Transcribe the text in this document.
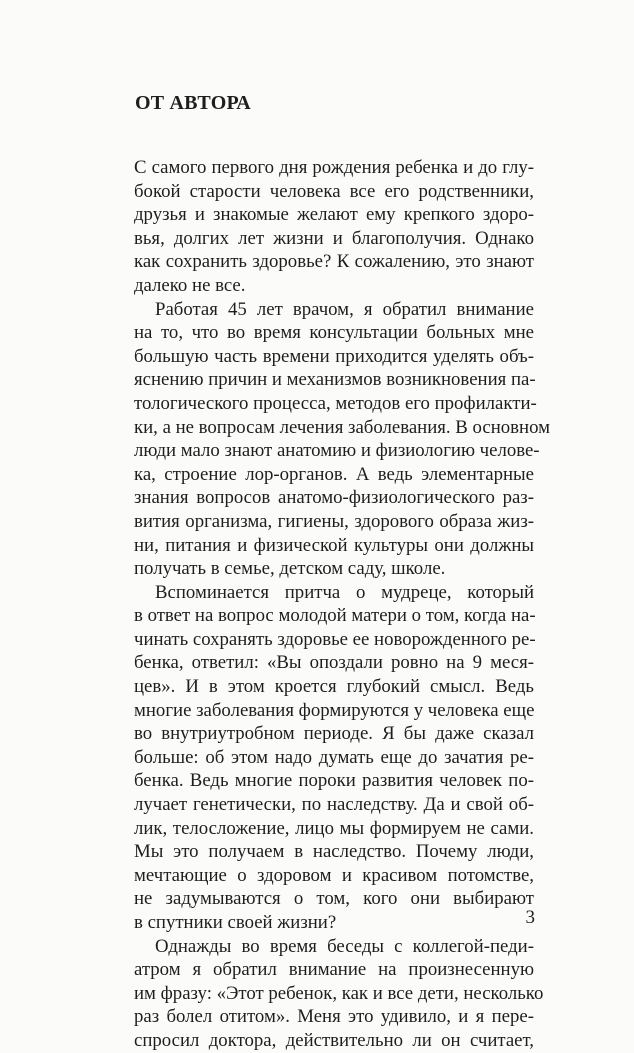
ОТ АВТОРА
С самого первого дня рождения ребенка и до глу-
бокой старости человека все его родственники,
друзья и знакомые желают ему крепкого здоро-
вья, долгих лет жизни и благополучия. Однако
как сохранить здоровье? К сожалению, это знают
далеко не все.
Работая 45 лет врачом, я обратил внимание
на то, что во время консультации больных мне
большую часть времени приходится уделять объ-
яснению причин и механизмов возникновения па-
тологического процесса, методов его профилакти-
ки, а не вопросам лечения заболевания. В основном
люди мало знают анатомию и физиологию челове-
ка, строение лор-органов. А ведь элементарные
знания вопросов анатомо-физиологического раз-
вития организма, гигиены, здорового образа жиз-
ни, питания и физической культуры они должны
получать в семье, детском саду, школе.
Вспоминается притча о мудреце, который
в ответ на вопрос молодой матери о том, когда на-
чинать сохранять здоровье ее новорожденного ре-
бенка, ответил: «Вы опоздали ровно на 9 меся-
цев». И в этом кроется глубокий смысл. Ведь
многие заболевания формируются у человека еще
во внутриутробном периоде. Я бы даже сказал
больше: об этом надо думать еще до зачатия ре-
бенка. Ведь многие пороки развития человек по-
лучает генетически, по наследству. Да и свой об-
лик, телосложение, лицо мы формируем не сами.
Мы это получаем в наследство. Почему люди,
мечтающие о здоровом и красивом потомстве,
не задумываются о том, кого они выбирают
в спутники своей жизни?
Однажды во время беседы с коллегой-педи-
атром я обратил внимание на произнесенную
им фразу: «Этот ребенок, как и все дети, несколько
раз болел отитом». Меня это удивило, и я пере-
спросил доктора, действительно ли он считает,
3
